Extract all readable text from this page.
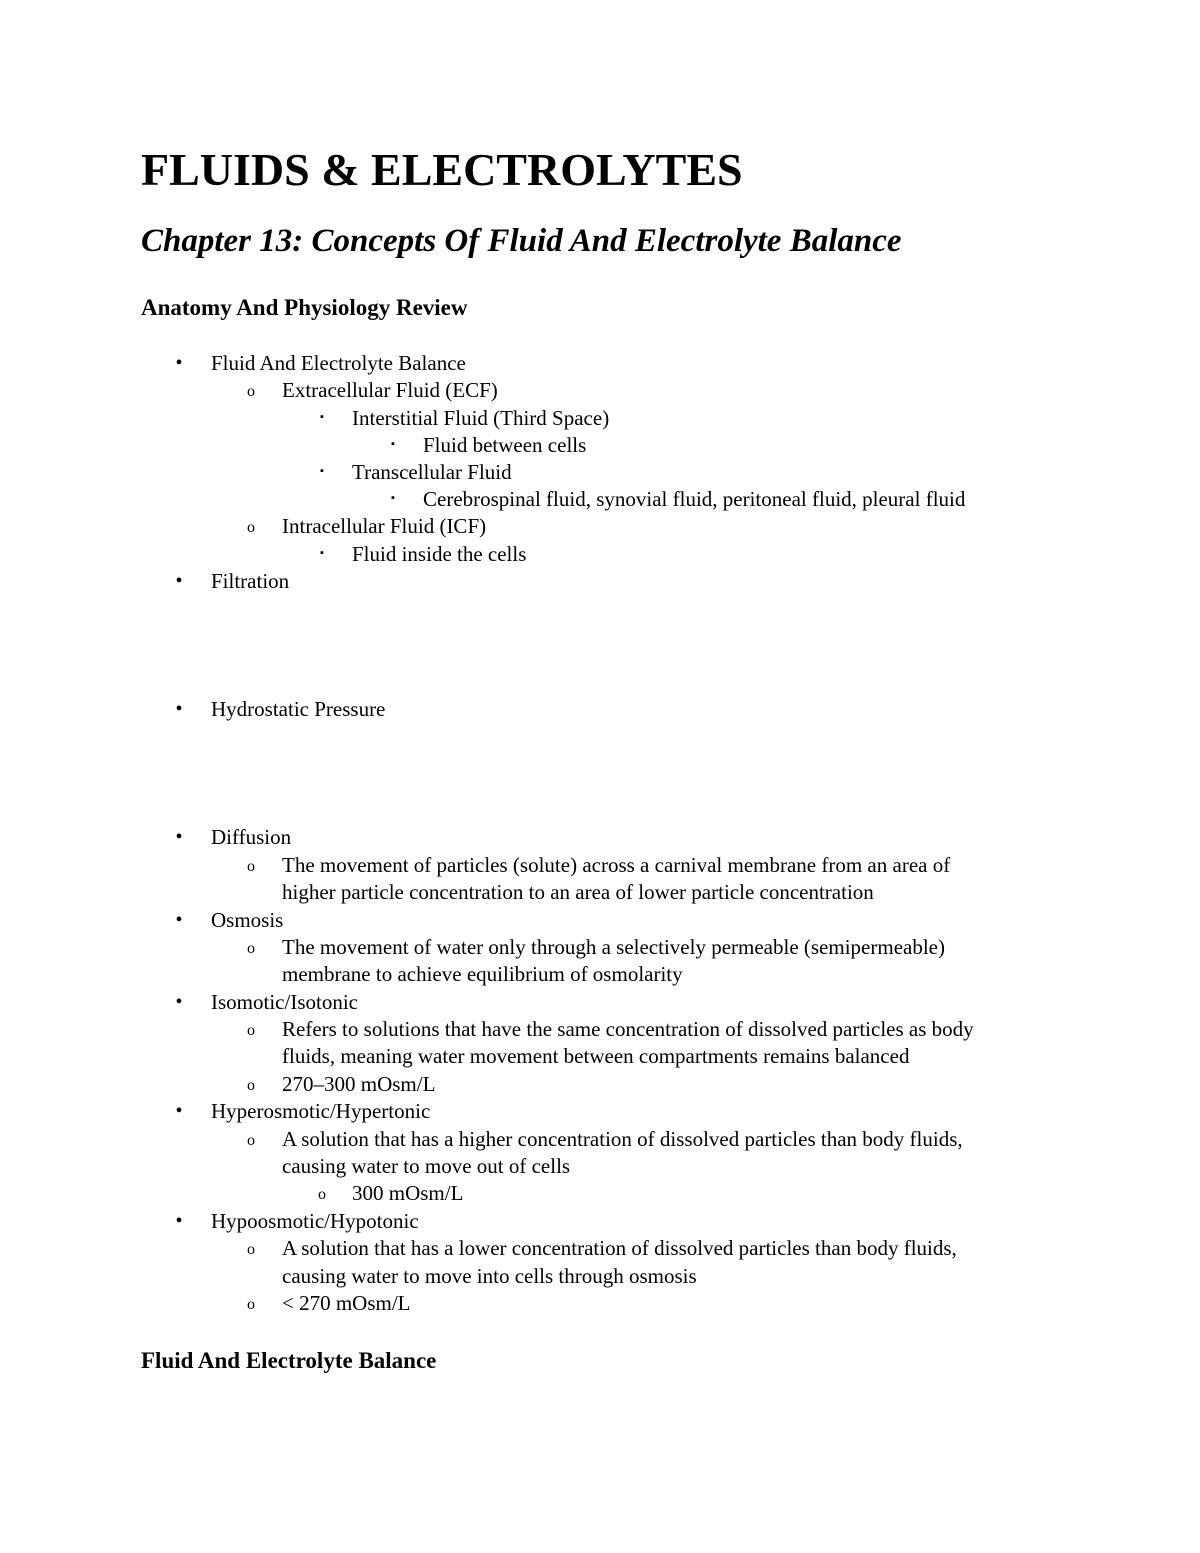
FLUIDS & ELECTROLYTES
Chapter 13: Concepts Of Fluid And Electrolyte Balance
Anatomy And Physiology Review
• Fluid And Electrolyte Balance
o Extracellular Fluid (ECF)
▪ Interstitial Fluid (Third Space)
▪ Fluid between cells
▪ Transcellular Fluid
▪ Cerebrospinal fluid, synovial fluid, peritoneal fluid, pleural fluid
o Intracellular Fluid (ICF)
▪ Fluid inside the cells
• Filtration
• Hydrostatic Pressure
• Diffusion
o The movement of particles (solute) across a carnival membrane from an area of
higher particle concentration to an area of lower particle concentration
• Osmosis
o The movement of water only through a selectively permeable (semipermeable)
membrane to achieve equilibrium of osmolarity
• Isomotic/Isotonic
o Refers to solutions that have the same concentration of dissolved particles as body
fluids, meaning water movement between compartments remains balanced
o 270–300 mOsm/L
• Hyperosmotic/Hypertonic
o A solution that has a higher concentration of dissolved particles than body fluids,
causing water to move out of cells
o 300 mOsm/L
• Hypoosmotic/Hypotonic
o A solution that has a lower concentration of dissolved particles than body fluids,
causing water to move into cells through osmosis
o < 270 mOsm/L
Fluid And Electrolyte Balance
